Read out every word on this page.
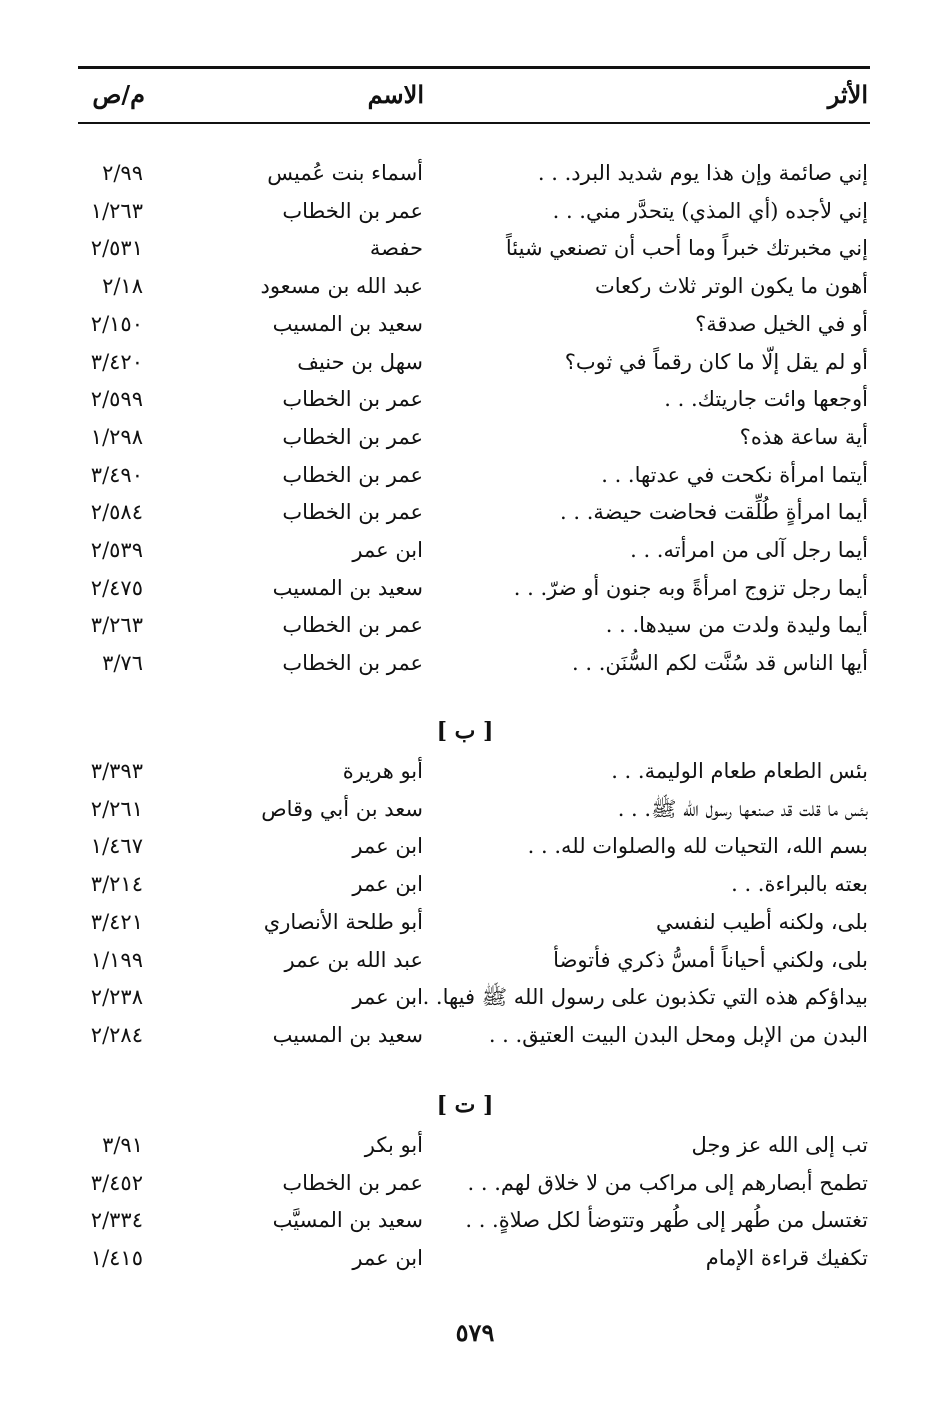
الأثر
الاسم
م/ص
إني صائمة وإن هذا يوم شديد البرد. . .
أسماء بنت عُميس
٢/٩٩
إني لأجده (أي المذي) يتحدَّر مني. . .
عمر بن الخطاب
١/٢٦٣
إني مخبرتك خبراً وما أحب أن تصنعي شيئاً
حفصة
٢/٥٣١
أهون ما يكون الوتر ثلاث ركعات
عبد الله بن مسعود
٢/١٨
أو في الخيل صدقة؟
سعيد بن المسيب
٢/١٥٠
أو لم يقل إلّا ما كان رقماً في ثوب؟
سهل بن حنيف
٣/٤٢٠
أوجعها وائت جاريتك. . .
عمر بن الخطاب
٢/٥٩٩
أية ساعة هذه؟
عمر بن الخطاب
١/٢٩٨
أيتما امرأة نكحت في عدتها. . .
عمر بن الخطاب
٣/٤٩٠
أيما امرأةٍ طُلِّقت فحاضت حيضة. . .
عمر بن الخطاب
٢/٥٨٤
أيما رجل آلى من امرأته. . .
ابن عمر
٢/٥٣٩
أيما رجل تزوج امرأةً وبه جنون أو ضرّ. . .
سعيد بن المسيب
٢/٤٧٥
أيما وليدة ولدت من سيدها. . .
عمر بن الخطاب
٣/٢٦٣
أيها الناس قد سُنَّت لكم السُّنَن. . .
عمر بن الخطاب
٣/٧٦
[ ب ]
بئس الطعام طعام الوليمة. . .
أبو هريرة
٣/٣٩٣
بئس ما قلت قد صنعها رسول الله ﷺ. . .
سعد بن أبي وقاص
٢/٢٦١
بسم الله، التحيات لله والصلوات لله. . .
ابن عمر
١/٤٦٧
بعته بالبراءة. . .
ابن عمر
٣/٢١٤
بلى، ولكنه أطيب لنفسي
أبو طلحة الأنصاري
٣/٤٢١
بلى، ولكني أحياناً أمسُّ ذكري فأتوضأ
عبد الله بن عمر
١/١٩٩
بيداؤكم هذه التي تكذبون على رسول الله ﷺ فيها. . .
ابن عمر
٢/٢٣٨
البدن من الإبل ومحل البدن البيت العتيق. . .
سعيد بن المسيب
٢/٢٨٤
[ ت ]
تب إلى الله عز وجل
أبو بكر
٣/٩١
تطمح أبصارهم إلى مراكب من لا خلاق لهم. . .
عمر بن الخطاب
٣/٤٥٢
تغتسل من طُهر إلى طُهر وتتوضأ لكل صلاةٍ. . .
سعيد بن المسيَّب
٢/٣٣٤
تكفيك قراءة الإمام
ابن عمر
١/٤١٥
٥٧٩
